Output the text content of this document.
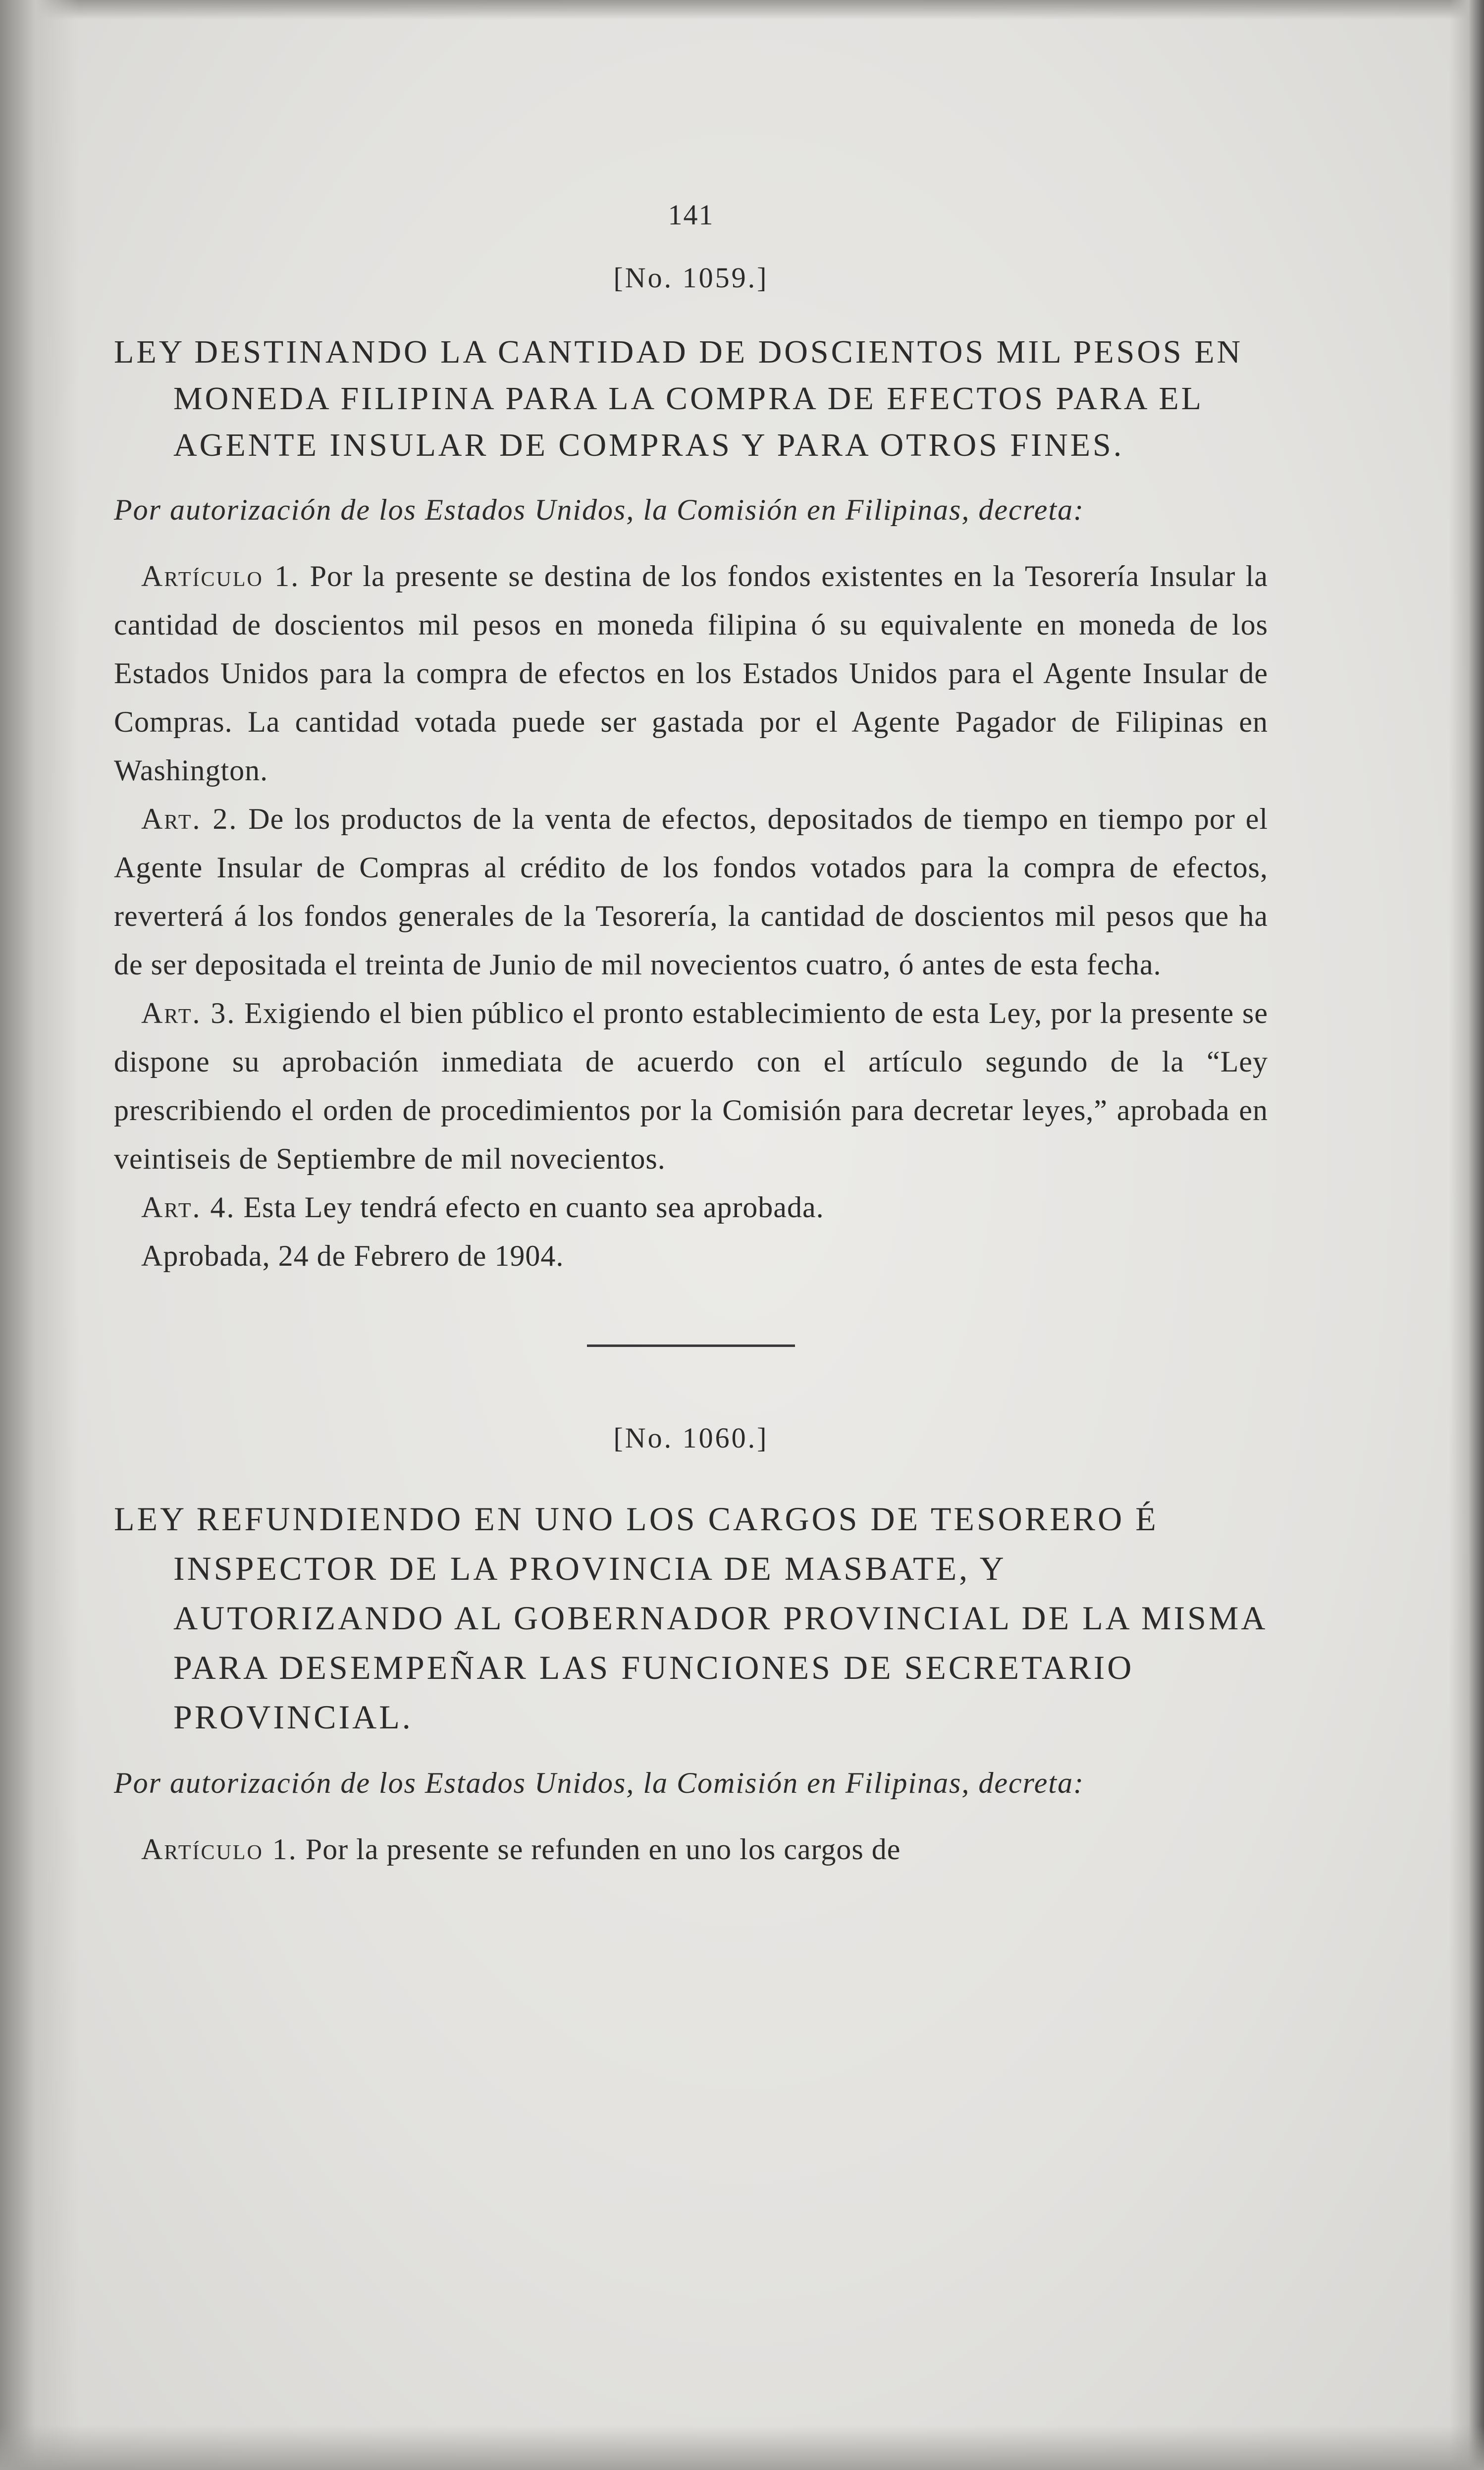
141
[No. 1059.]

LEY DESTINANDO LA CANTIDAD DE DOSCIENTOS MIL PESOS EN MONEDA FILIPINA PARA LA COMPRA DE EFECTOS PARA EL AGENTE INSULAR DE COMPRAS Y PARA OTROS FINES.

Por autorización de los Estados Unidos, la Comisión en Filipinas, decreta:

Artículo 1. Por la presente se destina de los fondos existentes en la Tesorería Insular la cantidad de doscientos mil pesos en moneda filipina ó su equivalente en moneda de los Estados Unidos para la compra de efectos en los Estados Unidos para el Agente Insular de Compras. La cantidad votada puede ser gastada por el Agente Pagador de Filipinas en Washington.

Art. 2. De los productos de la venta de efectos, depositados de tiempo en tiempo por el Agente Insular de Compras al crédito de los fondos votados para la compra de efectos, reverterá á los fondos generales de la Tesorería, la cantidad de doscientos mil pesos que ha de ser depositada el treinta de Junio de mil novecientos cuatro, ó antes de esta fecha.

Art. 3. Exigiendo el bien público el pronto establecimiento de esta Ley, por la presente se dispone su aprobación inmediata de acuerdo con el artículo segundo de la “Ley prescribiendo el orden de procedimientos por la Comisión para decretar leyes,” aprobada en veintiseis de Septiembre de mil novecientos.

Art. 4. Esta Ley tendrá efecto en cuanto sea aprobada.

Aprobada, 24 de Febrero de 1904.

[No. 1060.]

LEY REFUNDIENDO EN UNO LOS CARGOS DE TESORERO É INSPECTOR DE LA PROVINCIA DE MASBATE, Y AUTORIZANDO AL GOBERNADOR PROVINCIAL DE LA MISMA PARA DESEMPEÑAR LAS FUNCIONES DE SECRETARIO PROVINCIAL.

Por autorización de los Estados Unidos, la Comisión en Filipinas, decreta:

Artículo 1. Por la presente se refunden en uno los cargos de
